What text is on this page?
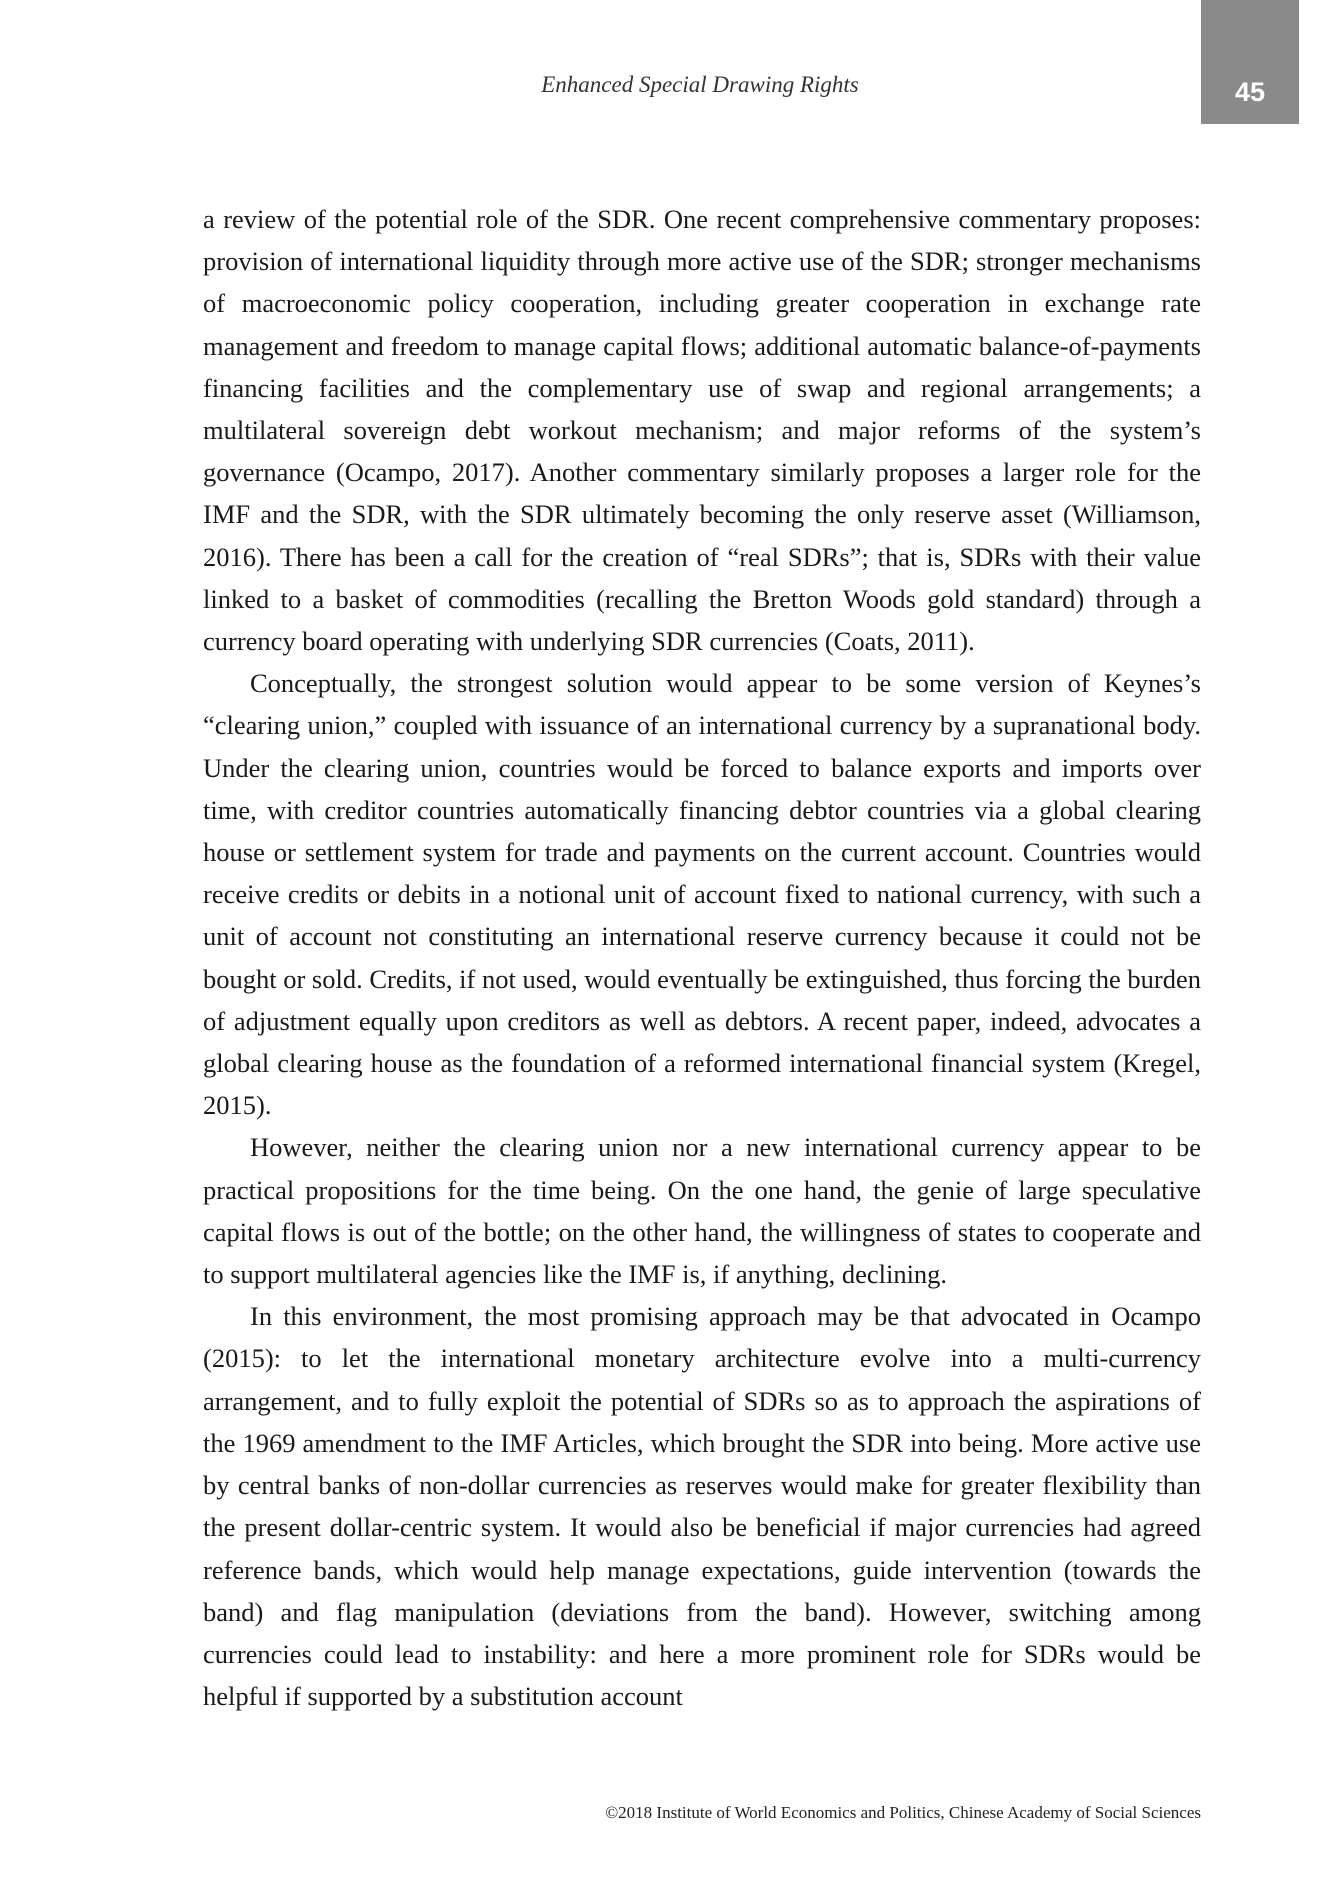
Enhanced Special Drawing Rights	45

a review of the potential role of the SDR. One recent comprehensive commentary proposes: provision of international liquidity through more active use of the SDR; stronger mechanisms of macroeconomic policy cooperation, including greater cooperation in exchange rate management and freedom to manage capital flows; additional automatic balance-of-payments financing facilities and the complementary use of swap and regional arrangements; a multilateral sovereign debt workout mechanism; and major reforms of the system’s governance (Ocampo, 2017). Another commentary similarly proposes a larger role for the IMF and the SDR, with the SDR ultimately becoming the only reserve asset (Williamson, 2016). There has been a call for the creation of “real SDRs”; that is, SDRs with their value linked to a basket of commodities (recalling the Bretton Woods gold standard) through a currency board operating with underlying SDR currencies (Coats, 2011).

Conceptually, the strongest solution would appear to be some version of Keynes’s “clearing union,” coupled with issuance of an international currency by a supranational body. Under the clearing union, countries would be forced to balance exports and imports over time, with creditor countries automatically financing debtor countries via a global clearing house or settlement system for trade and payments on the current account. Countries would receive credits or debits in a notional unit of account fixed to national currency, with such a unit of account not constituting an international reserve currency because it could not be bought or sold. Credits, if not used, would eventually be extinguished, thus forcing the burden of adjustment equally upon creditors as well as debtors. A recent paper, indeed, advocates a global clearing house as the foundation of a reformed international financial system (Kregel, 2015).

However, neither the clearing union nor a new international currency appear to be practical propositions for the time being. On the one hand, the genie of large speculative capital flows is out of the bottle; on the other hand, the willingness of states to cooperate and to support multilateral agencies like the IMF is, if anything, declining.

In this environment, the most promising approach may be that advocated in Ocampo (2015): to let the international monetary architecture evolve into a multi-currency arrangement, and to fully exploit the potential of SDRs so as to approach the aspirations of the 1969 amendment to the IMF Articles, which brought the SDR into being. More active use by central banks of non-dollar currencies as reserves would make for greater flexibility than the present dollar-centric system. It would also be beneficial if major currencies had agreed reference bands, which would help manage expectations, guide intervention (towards the band) and flag manipulation (deviations from the band). However, switching among currencies could lead to instability: and here a more prominent role for SDRs would be helpful if supported by a substitution account

©2018 Institute of World Economics and Politics, Chinese Academy of Social Sciences
